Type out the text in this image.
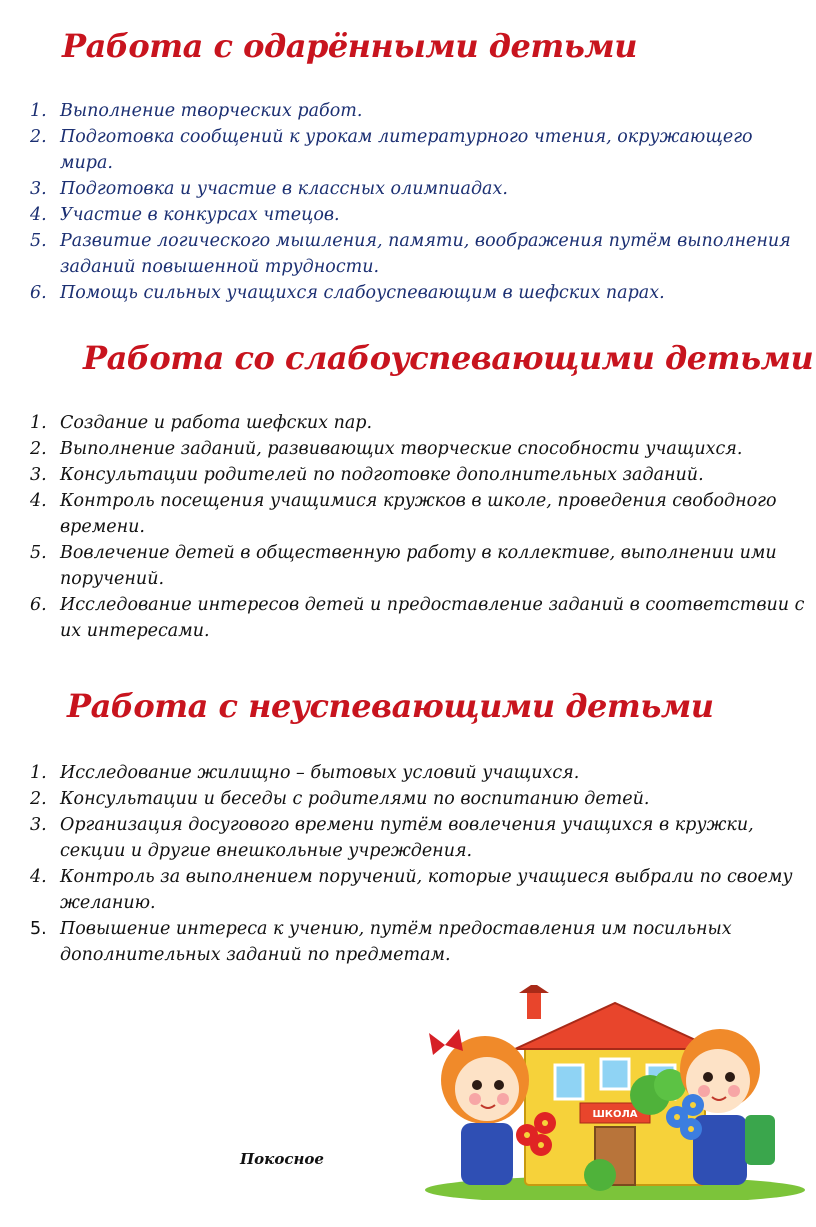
Работа с одарёнными детьми
1. Выполнение творческих работ.
2. Подготовка сообщений к урокам литературного чтения, окружающего мира.
3. Подготовка и участие в классных олимпиадах.
4. Участие в конкурсах чтецов.
5. Развитие логического мышления, памяти, воображения путём выполнения заданий повышенной трудности.
6. Помощь сильных учащихся слабоуспевающим в шефских парах.
Работа со слабоуспевающими детьми
1. Создание и работа шефских пар.
2. Выполнение заданий, развивающих творческие способности учащихся.
3. Консультации родителей по подготовке дополнительных заданий.
4. Контроль посещения учащимися кружков в школе, проведения свободного времени.
5. Вовлечение детей в общественную работу в коллективе, выполнении ими поручений.
6. Исследование интересов детей и предоставление заданий в соответствии с их интересами.
Работа с неуспевающими детьми
1. Исследование жилищно – бытовых условий учащихся.
2. Консультации и беседы с родителями по воспитанию детей.
3. Организация досугового времени путём вовлечения учащихся в кружки, секции и другие внешкольные учреждения.
4. Контроль за выполнением поручений, которые учащиеся выбрали по своему желанию.
5. Повышение интереса к учению, путём предоставления им посильных дополнительных заданий по предметам.
ШКОЛА
Покосное
